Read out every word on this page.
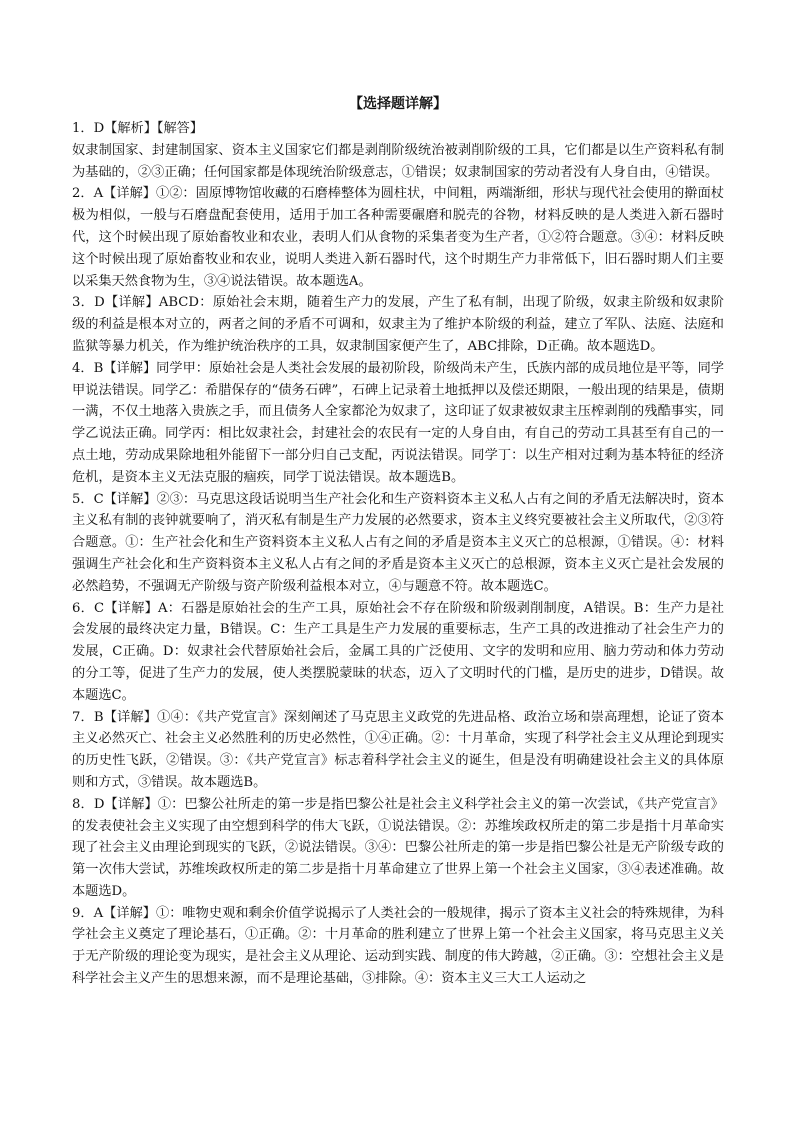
【选择题详解】

1．D【解析】【解答】
奴隶制国家、封建制国家、资本主义国家它们都是剥削阶级统治被剥削阶级的工具，它们都是以生产资料私有制为基础的，②③正确；任何国家都是体现统治阶级意志，①错误；奴隶制国家的劳动者没有人身自由，④错误。

2．A【详解】①②：固原博物馆收藏的石磨棒整体为圆柱状，中间粗，两端渐细，形状与现代社会使用的擀面杖极为相似，一般与石磨盘配套使用，适用于加工各种需要碾磨和脱壳的谷物，材料反映的是人类进入新石器时代，这个时候出现了原始畜牧业和农业，表明人们从食物的采集者变为生产者，①②符合题意。③④：材料反映这个时候出现了原始畜牧业和农业，说明人类进入新石器时代，这个时期生产力非常低下，旧石器时期人们主要以采集天然食物为生，③④说法错误。故本题选A。

3．D【详解】ABCD：原始社会末期，随着生产力的发展，产生了私有制，出现了阶级，奴隶主阶级和奴隶阶级的利益是根本对立的，两者之间的矛盾不可调和，奴隶主为了维护本阶级的利益，建立了军队、法庭、法庭和监狱等暴力机关，作为维护统治秩序的工具，奴隶制国家便产生了，ABC排除，D正确。故本题选D。

4．B【详解】同学甲：原始社会是人类社会发展的最初阶段，阶级尚未产生，氏族内部的成员地位是平等，同学甲说法错误。同学乙：希腊保存的“债务石碑”，石碑上记录着土地抵押以及偿还期限，一般出现的结果是，债期一满，不仅土地落入贵族之手，而且债务人全家都沦为奴隶了，这印证了奴隶被奴隶主压榨剥削的残酷事实，同学乙说法正确。同学丙：相比奴隶社会，封建社会的农民有一定的人身自由，有自己的劳动工具甚至有自己的一点土地，劳动成果除地租外能留下一部分归自己支配，丙说法错误。同学丁：以生产相对过剩为基本特征的经济危机，是资本主义无法克服的痼疾，同学丁说法错误。故本题选B。

5．C【详解】②③：马克思这段话说明当生产社会化和生产资料资本主义私人占有之间的矛盾无法解决时，资本主义私有制的丧钟就要响了，消灭私有制是生产力发展的必然要求，资本主义终究要被社会主义所取代，②③符合题意。①：生产社会化和生产资料资本主义私人占有之间的矛盾是资本主义灭亡的总根源，①错误。④：材料强调生产社会化和生产资料资本主义私人占有之间的矛盾是资本主义灭亡的总根源，资本主义灭亡是社会发展的必然趋势，不强调无产阶级与资产阶级利益根本对立，④与题意不符。故本题选C。

6．C【详解】A：石器是原始社会的生产工具，原始社会不存在阶级和阶级剥削制度，A错误。B：生产力是社会发展的最终决定力量，B错误。C：生产工具是生产力发展的重要标志，生产工具的改进推动了社会生产力的发展，C正确。D：奴隶社会代替原始社会后，金属工具的广泛使用、文字的发明和应用、脑力劳动和体力劳动的分工等，促进了生产力的发展，使人类摆脱蒙昧的状态，迈入了文明时代的门槛，是历史的进步，D错误。故本题选C。

7．B【详解】①④：《共产党宣言》深刻阐述了马克思主义政党的先进品格、政治立场和崇高理想，论证了资本主义必然灭亡、社会主义必然胜利的历史必然性，①④正确。②：十月革命，实现了科学社会主义从理论到现实的历史性飞跃，②错误。③：《共产党宣言》标志着科学社会主义的诞生，但是没有明确建设社会主义的具体原则和方式，③错误。故本题选B。

8．D【详解】①：巴黎公社所走的第一步是指巴黎公社是社会主义科学社会主义的第一次尝试，《共产党宣言》的发表使社会主义实现了由空想到科学的伟大飞跃，①说法错误。②：苏维埃政权所走的第二步是指十月革命实现了社会主义由理论到现实的飞跃，②说法错误。③④：巴黎公社所走的第一步是指巴黎公社是无产阶级专政的第一次伟大尝试，苏维埃政权所走的第二步是指十月革命建立了世界上第一个社会主义国家，③④表述准确。故本题选D。

9．A【详解】①：唯物史观和剩余价值学说揭示了人类社会的一般规律，揭示了资本主义社会的特殊规律，为科学社会主义奠定了理论基石，①正确。②：十月革命的胜利建立了世界上第一个社会主义国家，将马克思主义关于无产阶级的理论变为现实，是社会主义从理论、运动到实践、制度的伟大跨越，②正确。③：空想社会主义是科学社会主义产生的思想来源，而不是理论基础，③排除。④：资本主义三大工人运动之
